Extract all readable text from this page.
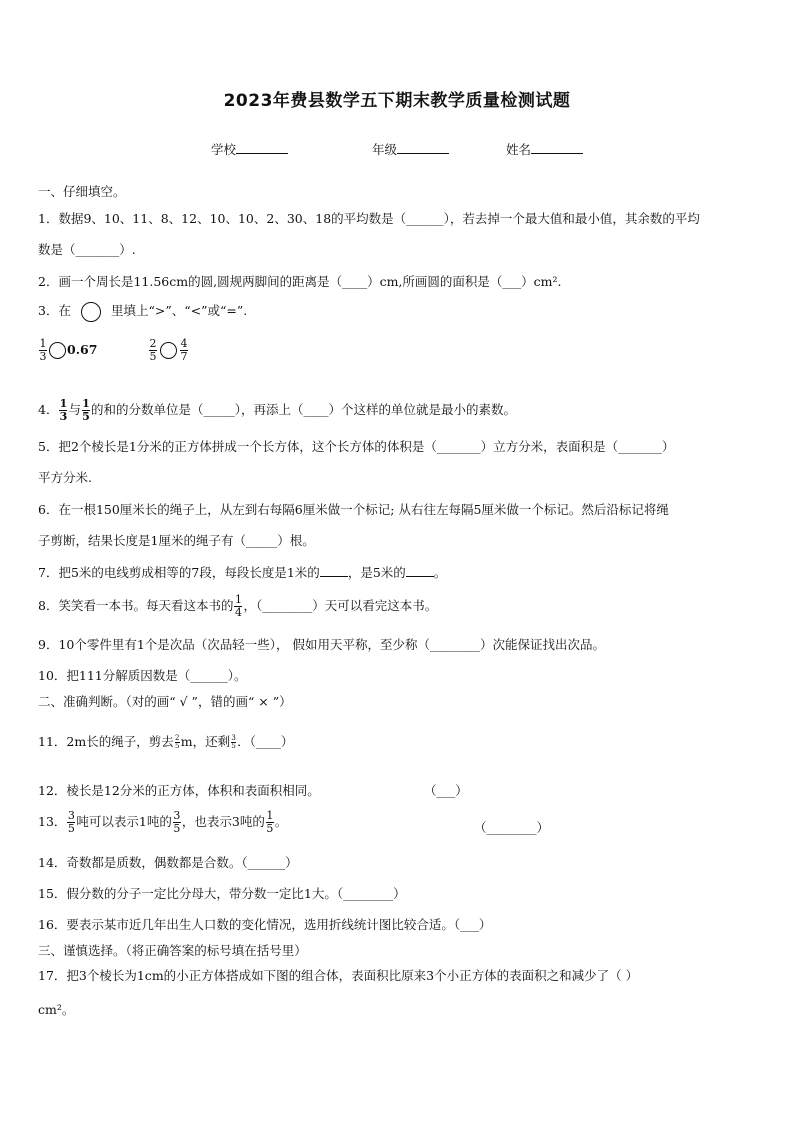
2023年费县数学五下期末教学质量检测试题
学校	年级	姓名
一、仔细填空。
1．数据9、10、11、8、12、10、10、2、30、18的平均数是（______），若去掉一个最大值和最小值，其余数的平均
数是（_______）.
2．画一个周长是11.56cm的圆,圆规两脚间的距离是（____）cm,所画圆的面积是（___）cm².
3．在	里填上“>”、“<”或“=”.
$\frac{1}{3} 0.67$	$\frac{2}{5} \frac{4}{7}$
4． $\frac{1}{3}$ 与 $\frac{1}{5}$ 的和的分数单位是（_____），再添上（____）个这样的单位就是最小的素数。
5．把2个棱长是1分米的正方体拼成一个长方体，这个长方体的体积是（_______）立方分米，表面积是（_______）
平方分米.
6．在一根150厘米长的绳子上，从左到右每隔6厘米做一个标记; 从右往左每隔5厘米做一个标记。然后沿标记将绳
子剪断，结果长度是1厘米的绳子有（_____）根。
7．把5米的电线剪成相等的7段，每段长度是1米的 ，是5米的 。
8．笑笑看一本书。每天看这本书的 $\frac{1}{4}$ ，（________）天可以看完这本书。
9．10个零件里有1个是次品（次品轻一些）， 假如用天平称，至少称（________）次能保证找出次品。
10．把111分解质因数是（______）。
二、准确判断。（对的画“ √ ”，错的画“ × ”）
11．2m长的绳子，剪去 $\frac{2}{5}$ m，还剩 $\frac{3}{5}$ ．（____）
12．棱长是12分米的正方体，体积和表面积相同。	（___）
13． $\frac{3}{5}$ 吨可以表示1吨的 $\frac{3}{5}$ ，也表示3吨的 $\frac{1}{5}$ 。	（________）
14．奇数都是质数，偶数都是合数。（______）
15．假分数的分子一定比分母大，带分数一定比1大。（________）
16．要表示某市近几年出生人口数的变化情况，选用折线统计图比较合适。（___）
三、谨慎选择。（将正确答案的标号填在括号里）
17．把3个棱长为1cm的小正方体搭成如下图的组合体，表面积比原来3个小正方体的表面积之和减少了（ ）
cm²。
